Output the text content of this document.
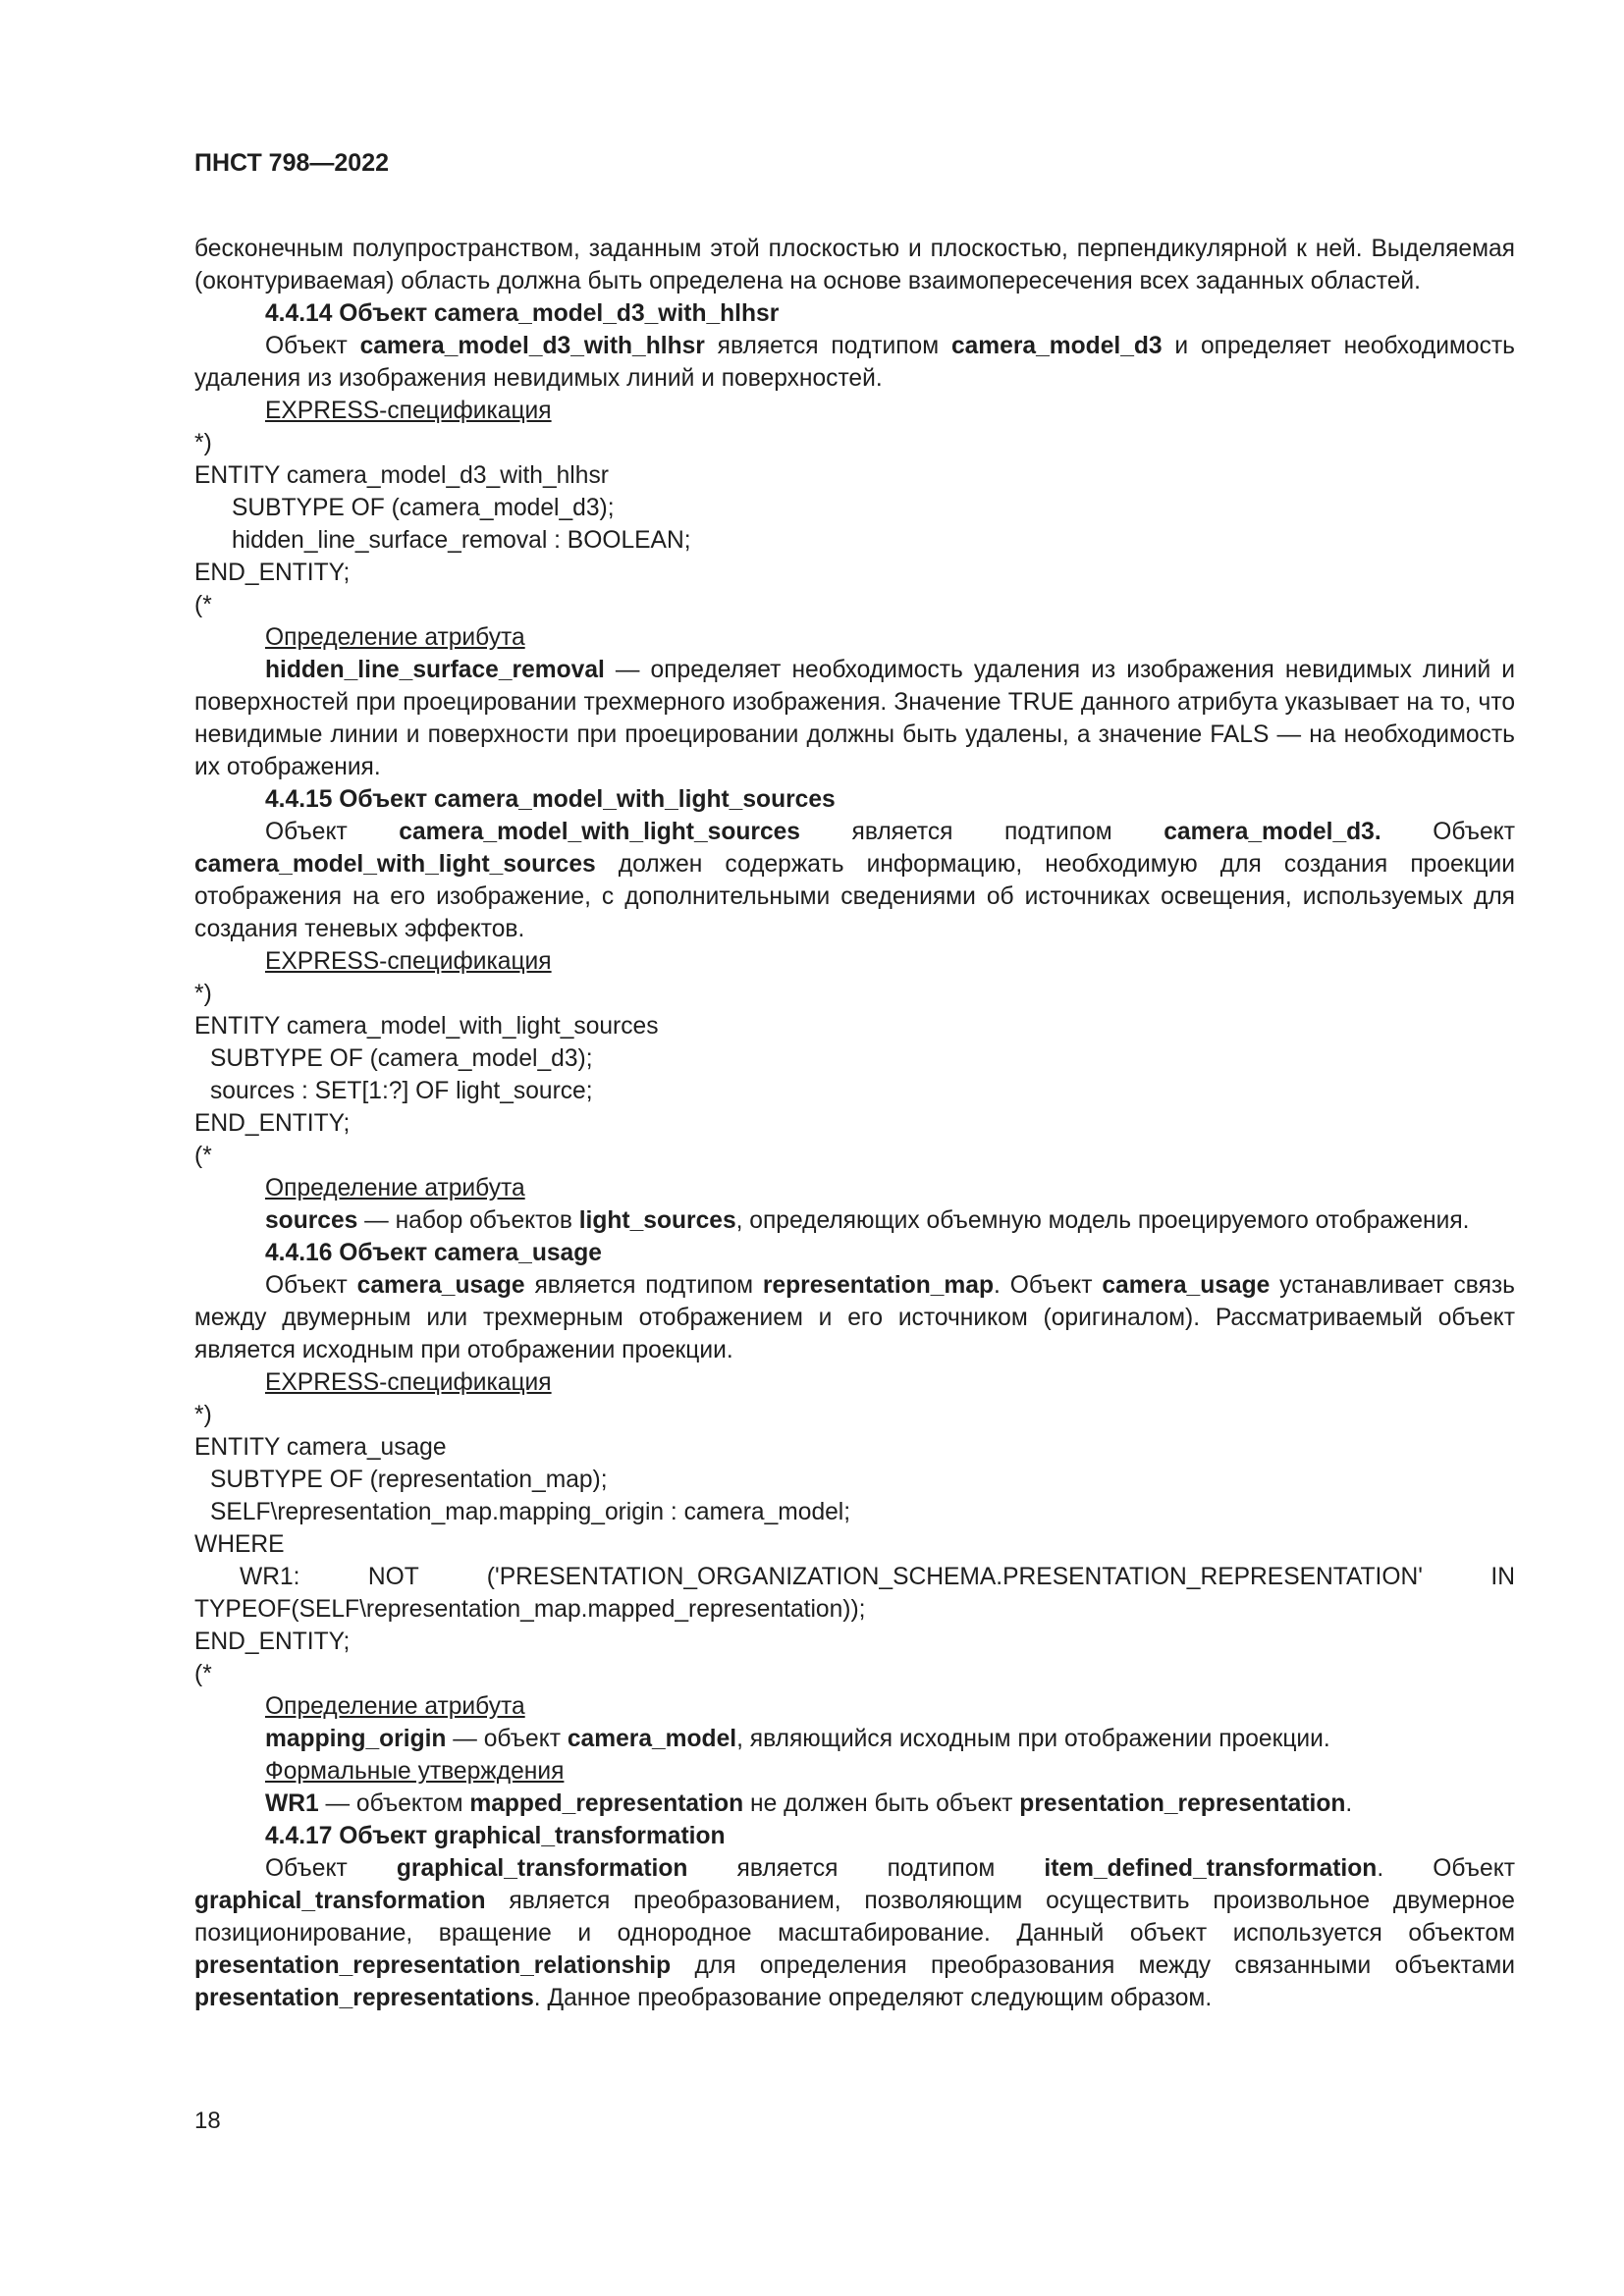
ПНСТ 798—2022
бесконечным полупространством, заданным этой плоскостью и плоскостью, перпендикулярной к ней. Выделяемая (оконтуриваемая) область должна быть определена на основе взаимопересечения всех заданных областей.
4.4.14 Объект camera_model_d3_with_hlhsr
Объект camera_model_d3_with_hlhsr является подтипом camera_model_d3 и определяет необходимость удаления из изображения невидимых линий и поверхностей.
EXPRESS-спецификация
*)
ENTITY camera_model_d3_with_hlhsr
SUBTYPE OF (camera_model_d3);
hidden_line_surface_removal : BOOLEAN;
END_ENTITY;
(*
Определение атрибута
hidden_line_surface_removal — определяет необходимость удаления из изображения невидимых линий и поверхностей при проецировании трехмерного изображения. Значение TRUE данного атрибута указывает на то, что невидимые линии и поверхности при проецировании должны быть удалены, а значение FALS — на необходимость их отображения.
4.4.15 Объект camera_model_with_light_sources
Объект camera_model_with_light_sources является подтипом camera_model_d3. Объект camera_model_with_light_sources должен содержать информацию, необходимую для создания проекции отображения на его изображение, с дополнительными сведениями об источниках освещения, используемых для создания теневых эффектов.
EXPRESS-спецификация
*)
ENTITY camera_model_with_light_sources
SUBTYPE OF (camera_model_d3);
sources : SET[1:?] OF light_source;
END_ENTITY;
(*
Определение атрибута
sources — набор объектов light_sources, определяющих объемную модель проецируемого отображения.
4.4.16 Объект camera_usage
Объект camera_usage является подтипом representation_map. Объект camera_usage устанавливает связь между двумерным или трехмерным отображением и его источником (оригиналом). Рассматриваемый объект является исходным при отображении проекции.
EXPRESS-спецификация
*)
ENTITY camera_usage
SUBTYPE OF (representation_map);
SELF\representation_map.mapping_origin : camera_model;
WHERE
WR1: NOT ('PRESENTATION_ORGANIZATION_SCHEMA.PRESENTATION_REPRESENTATION' IN TYPEOF(SELF\representation_map.mapped_representation));
END_ENTITY;
(*
Определение атрибута
mapping_origin — объект camera_model, являющийся исходным при отображении проекции.
Формальные утверждения
WR1 — объектом mapped_representation не должен быть объект presentation_representation.
4.4.17 Объект graphical_transformation
Объект graphical_transformation является подтипом item_defined_transformation. Объект graphical_transformation является преобразованием, позволяющим осуществить произвольное двумерное позиционирование, вращение и однородное масштабирование. Данный объект используется объектом presentation_representation_relationship для определения преобразования между связанными объектами presentation_representations. Данное преобразование определяют следующим образом.
18
